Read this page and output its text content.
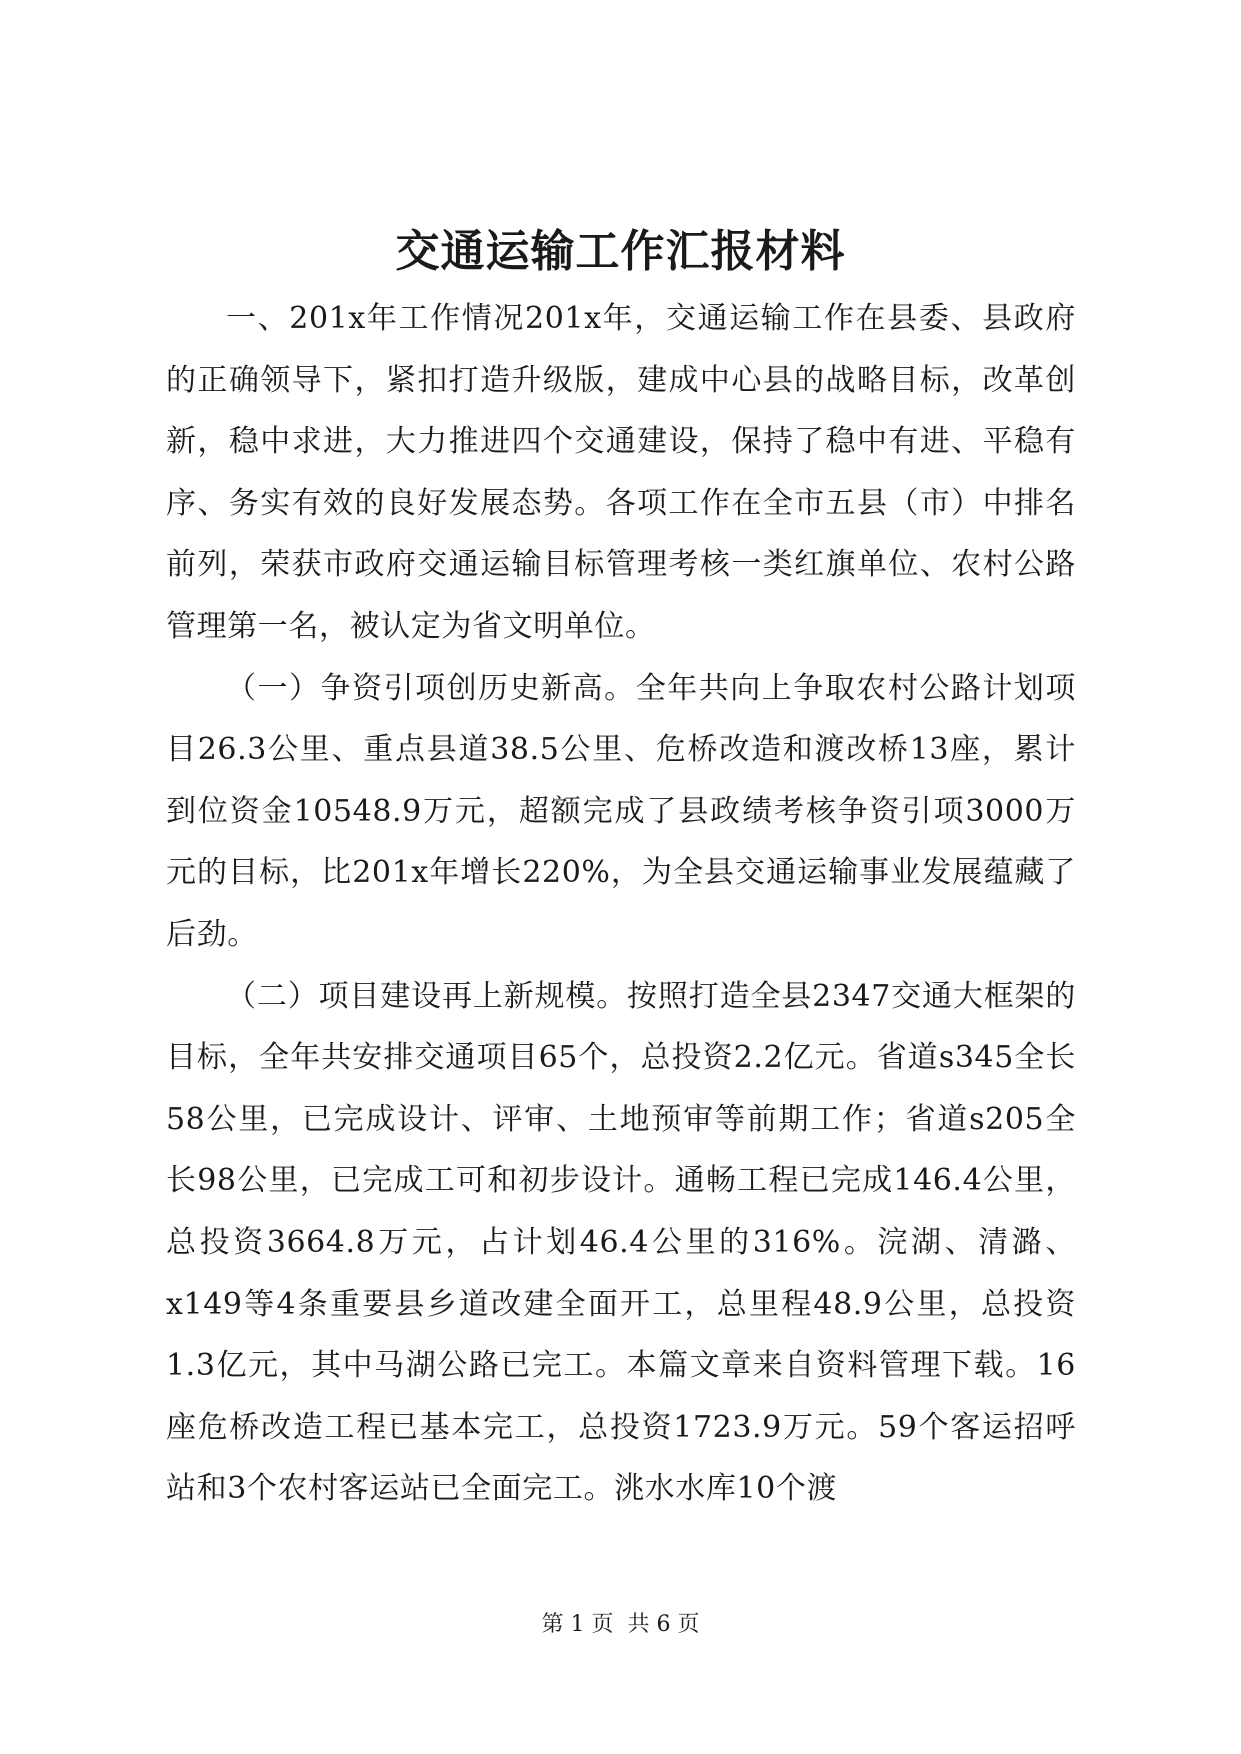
交通运输工作汇报材料

一、201x年工作情况201x年，交通运输工作在县委、县政府的正确领导下，紧扣打造升级版，建成中心县的战略目标，改革创新，稳中求进，大力推进四个交通建设，保持了稳中有进、平稳有序、务实有效的良好发展态势。各项工作在全市五县（市）中排名前列，荣获市政府交通运输目标管理考核一类红旗单位、农村公路管理第一名，被认定为省文明单位。

（一）争资引项创历史新高。全年共向上争取农村公路计划项目26.3公里、重点县道38.5公里、危桥改造和渡改桥13座，累计到位资金10548.9万元，超额完成了县政绩考核争资引项3000万元的目标，比201x年增长220%，为全县交通运输事业发展蕴藏了后劲。

（二）项目建设再上新规模。按照打造全县2347交通大框架的目标，全年共安排交通项目65个，总投资2.2亿元。省道s345全长58公里，已完成设计、评审、土地预审等前期工作；省道s205全长98公里，已完成工可和初步设计。通畅工程已完成146.4公里，总投资3664.8万元，占计划46.4公里的316%。浣湖、清潞、x149等4条重要县乡道改建全面开工，总里程48.9公里，总投资1.3亿元，其中马湖公路已完工。本篇文章来自资料管理下载。16座危桥改造工程已基本完工，总投资1723.9万元。59个客运招呼站和3个农村客运站已全面完工。洮水水库10个渡

第 1 页  共 6 页
